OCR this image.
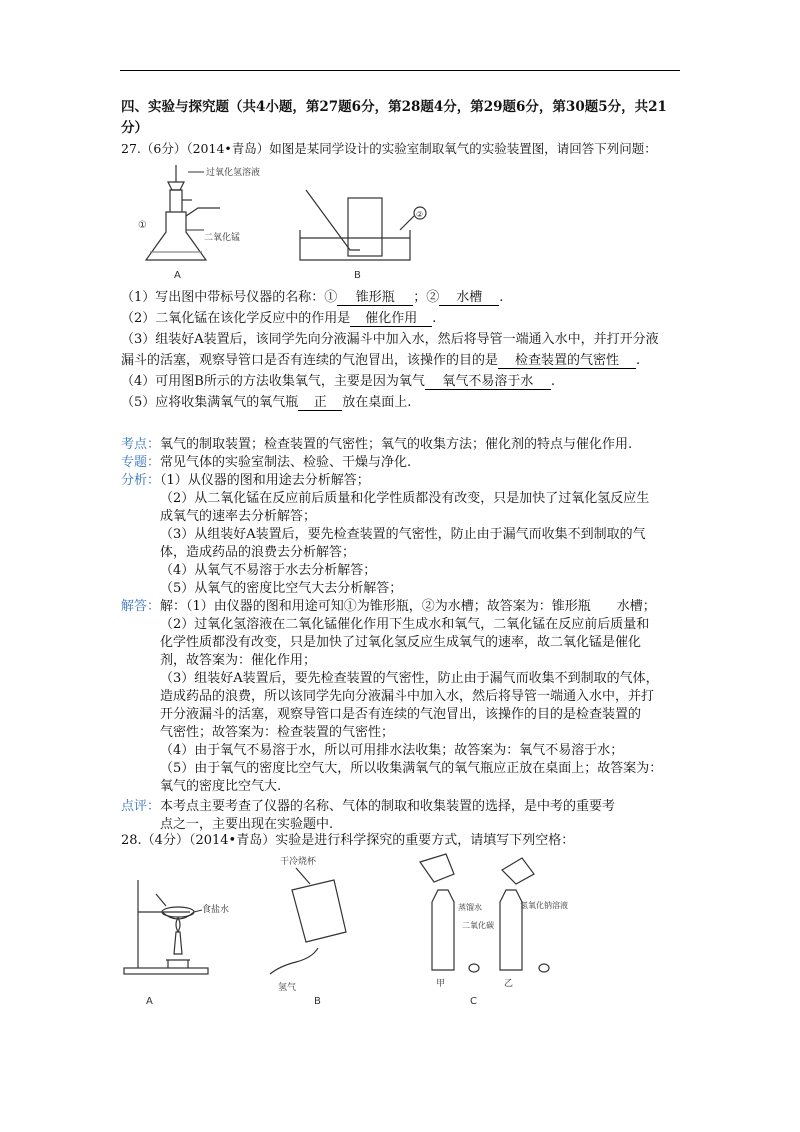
四、实验与探究题（共4小题，第27题6分，第28题4分，第29题6分，第30题5分，共21
分）
27.（6分）（2014•青岛）如图是某同学设计的实验室制取氧气的实验装置图，请回答下列问题：
过氧化氢溶液
二氧化锰
①
A
②
B
（1）写出图中带标号仪器的名称：① 锥形瓶 ；② 水槽 .
（2）二氧化锰在该化学反应中的作用是 催化作用 .
（3）组装好A装置后，该同学先向分液漏斗中加入水，然后将导管一端通入水中，并打开分液
漏斗的活塞，观察导管口是否有连续的气泡冒出，该操作的目的是 检查装置的气密性 .
（4）可用图B所示的方法收集氧气，主要是因为氧气 氧气不易溶于水 .
（5）应将收集满氧气的氧气瓶 正 放在桌面上.
考点：氧气的制取装置；检查装置的气密性；氧气的收集方法；催化剂的特点与催化作用.
专题：常见气体的实验室制法、检验、干燥与净化.
分析：（1）从仪器的图和用途去分析解答；
（2）从二氧化锰在反应前后质量和化学性质都没有改变，只是加快了过氧化氢反应生
成氧气的速率去分析解答；
（3）从组装好A装置后，要先检查装置的气密性，防止由于漏气而收集不到制取的气
体，造成药品的浪费去分析解答；
（4）从氧气不易溶于水去分析解答；
（5）从氧气的密度比空气大去分析解答；
解答：解：（1）由仪器的图和用途可知①为锥形瓶，②为水槽；故答案为：锥形瓶　　水槽；
（2）过氧化氢溶液在二氧化锰催化作用下生成水和氧气，二氧化锰在反应前后质量和
化学性质都没有改变，只是加快了过氧化氢反应生成氧气的速率，故二氧化锰是催化
剂，故答案为：催化作用；
（3）组装好A装置后，要先检查装置的气密性，防止由于漏气而收集不到制取的气体，
造成药品的浪费，所以该同学先向分液漏斗中加入水，然后将导管一端通入水中，并打
开分液漏斗的活塞，观察导管口是否有连续的气泡冒出，该操作的目的是检查装置的
气密性；故答案为：检查装置的气密性；
（4）由于氧气不易溶于水，所以可用排水法收集；故答案为：氧气不易溶于水；
（5）由于氧气的密度比空气大，所以收集满氧气的氧气瓶应正放在桌面上；故答案为：
氧气的密度比空气大.
点评：本考点主要考查了仪器的名称、气体的制取和收集装置的选择，是中考的重要考
点之一，主要出现在实验题中.
28.（4分）（2014•青岛）实验是进行科学探究的重要方式，请填写下列空格：
食盐水
A
干冷烧杯
氢气
B
蒸馏水
二氧化碳
氢氧化钠溶液
甲	乙
C
